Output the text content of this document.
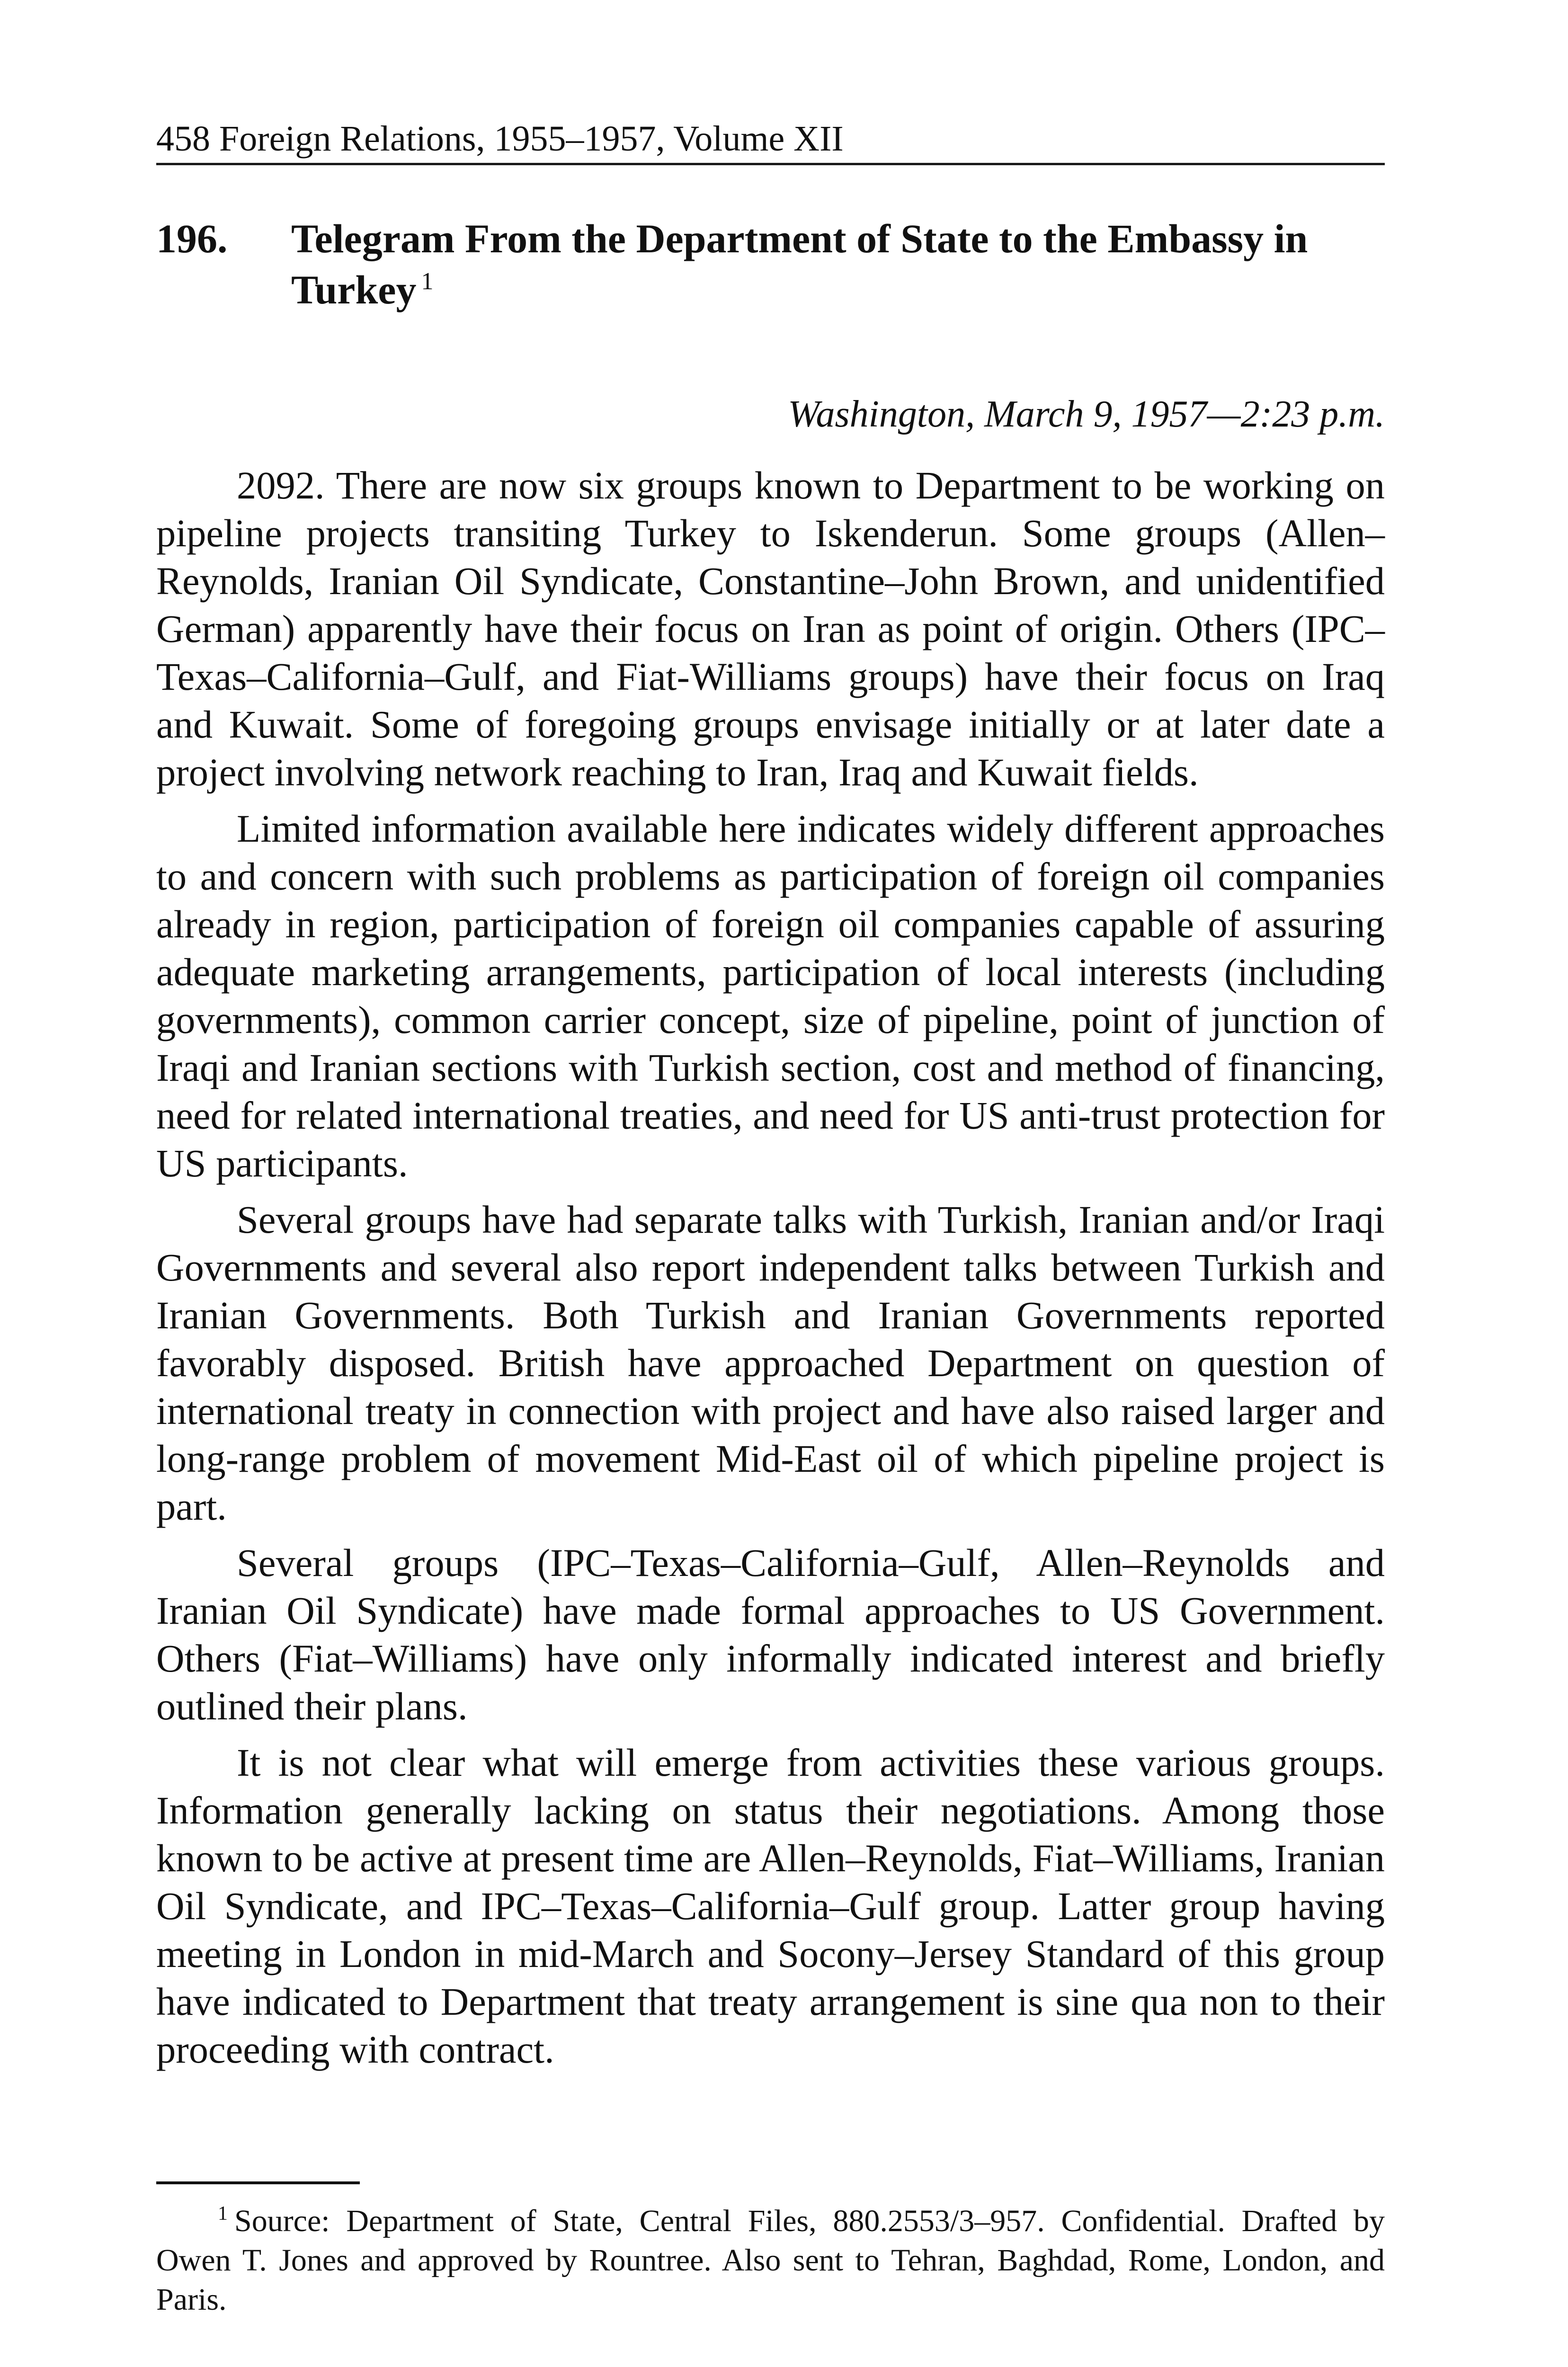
458 Foreign Relations, 1955–1957, Volume XII
196. Telegram From the Department of State to the Embassy in Turkey $^1$
Washington, March 9, 1957—2:23 p.m.

2092. There are now six groups known to Department to be working on pipeline projects transiting Turkey to Iskenderun. Some groups (Allen–Reynolds, Iranian Oil Syndicate, Constantine–John Brown, and unidentified German) apparently have their focus on Iran as point of origin. Others (IPC–Texas–California–Gulf, and Fiat-Williams groups) have their focus on Iraq and Kuwait. Some of foregoing groups envisage initially or at later date a project involving network reaching to Iran, Iraq and Kuwait fields.

Limited information available here indicates widely different approaches to and concern with such problems as participation of foreign oil companies already in region, participation of foreign oil companies capable of assuring adequate marketing arrangements, participation of local interests (including governments), common carrier concept, size of pipeline, point of junction of Iraqi and Iranian sections with Turkish section, cost and method of financing, need for related international treaties, and need for US anti-trust protection for US participants.

Several groups have had separate talks with Turkish, Iranian and/or Iraqi Governments and several also report independent talks between Turkish and Iranian Governments. Both Turkish and Iranian Governments reported favorably disposed. British have approached Department on question of international treaty in connection with project and have also raised larger and long-range problem of movement Mid-East oil of which pipeline project is part.

Several groups (IPC–Texas–California–Gulf, Allen–Reynolds and Iranian Oil Syndicate) have made formal approaches to US Government. Others (Fiat–Williams) have only informally indicated interest and briefly outlined their plans.

It is not clear what will emerge from activities these various groups. Information generally lacking on status their negotiations. Among those known to be active at present time are Allen–Reynolds, Fiat–Williams, Iranian Oil Syndicate, and IPC–Texas–California–Gulf group. Latter group having meeting in London in mid-March and Socony–Jersey Standard of this group have indicated to Department that treaty arrangement is sine qua non to their proceeding with contract.

$^1$ Source: Department of State, Central Files, 880.2553/3–957. Confidential. Drafted by Owen T. Jones and approved by Rountree. Also sent to Tehran, Baghdad, Rome, London, and Paris.
